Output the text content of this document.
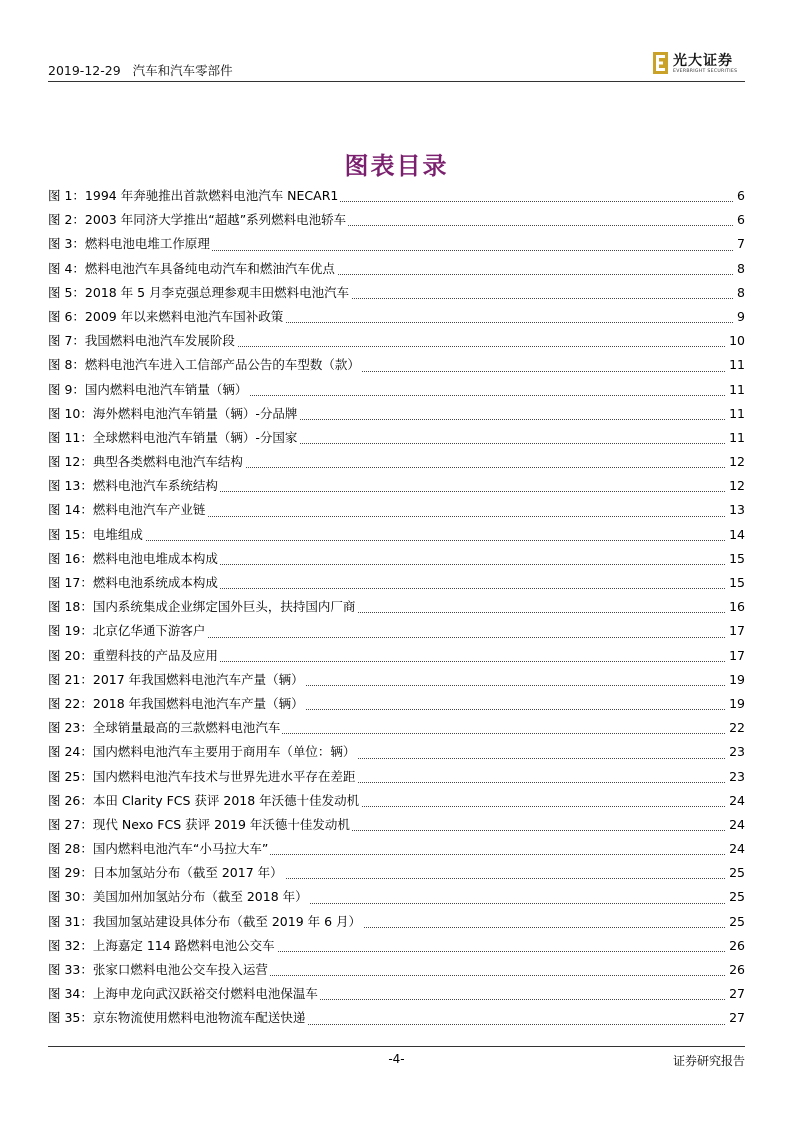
2019-12-29 汽车和汽车零部件
光大证券
EVERBRIGHT SECURITIES
图表目录
图 1：1994 年奔驰推出首款燃料电池汽车 NECAR1	6
图 2：2003 年同济大学推出“超越”系列燃料电池轿车	6
图 3：燃料电池电堆工作原理	7
图 4：燃料电池汽车具备纯电动汽车和燃油汽车优点	8
图 5：2018 年 5 月李克强总理参观丰田燃料电池汽车	8
图 6：2009 年以来燃料电池汽车国补政策	9
图 7：我国燃料电池汽车发展阶段	10
图 8：燃料电池汽车进入工信部产品公告的车型数（款）	11
图 9：国内燃料电池汽车销量（辆）	11
图 10：海外燃料电池汽车销量（辆）-分品牌	11
图 11：全球燃料电池汽车销量（辆）-分国家	11
图 12：典型各类燃料电池汽车结构	12
图 13：燃料电池汽车系统结构	12
图 14：燃料电池汽车产业链	13
图 15：电堆组成	14
图 16：燃料电池电堆成本构成	15
图 17：燃料电池系统成本构成	15
图 18：国内系统集成企业绑定国外巨头，扶持国内厂商	16
图 19：北京亿华通下游客户	17
图 20：重塑科技的产品及应用	17
图 21：2017 年我国燃料电池汽车产量（辆）	19
图 22：2018 年我国燃料电池汽车产量（辆）	19
图 23：全球销量最高的三款燃料电池汽车	22
图 24：国内燃料电池汽车主要用于商用车（单位：辆）	23
图 25：国内燃料电池汽车技术与世界先进水平存在差距	23
图 26：本田 Clarity FCS 获评 2018 年沃德十佳发动机	24
图 27：现代 Nexo FCS 获评 2019 年沃德十佳发动机	24
图 28：国内燃料电池汽车“小马拉大车”	24
图 29：日本加氢站分布（截至 2017 年）	25
图 30：美国加州加氢站分布（截至 2018 年）	25
图 31：我国加氢站建设具体分布（截至 2019 年 6 月）	25
图 32：上海嘉定 114 路燃料电池公交车	26
图 33：张家口燃料电池公交车投入运营	26
图 34：上海申龙向武汉跃裕交付燃料电池保温车	27
图 35：京东物流使用燃料电池物流车配送快递	27
-4-	证券研究报告
